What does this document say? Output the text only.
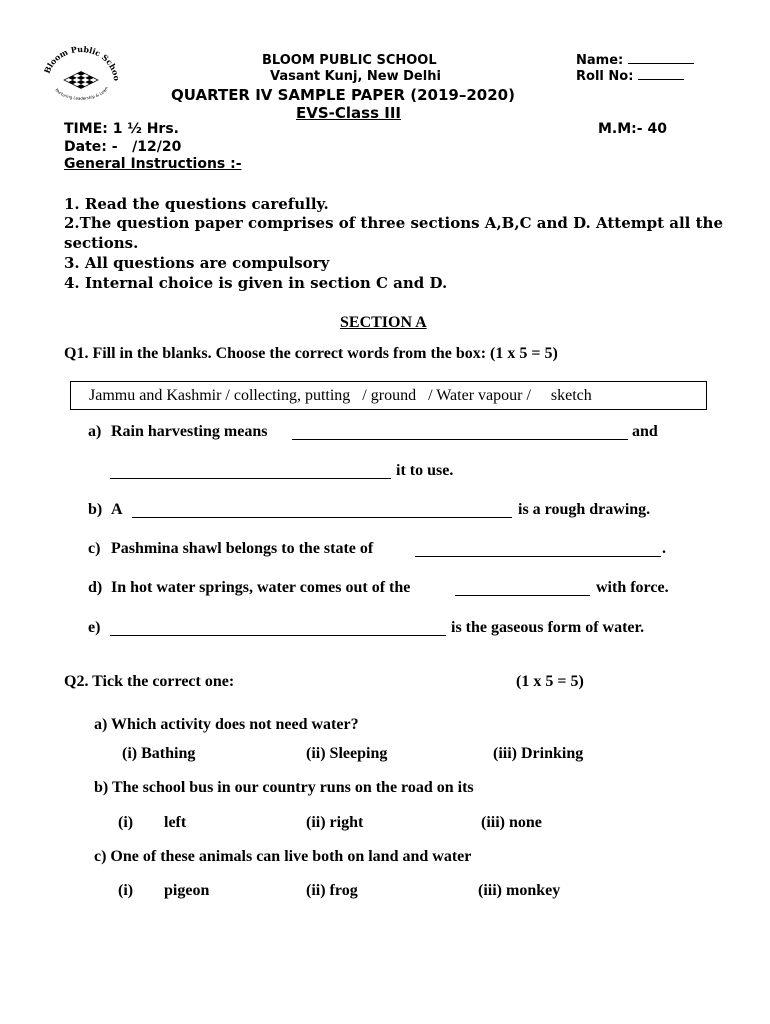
Bloom Public Schoo
Nurturing Leadership & Learn
BLOOM PUBLIC SCHOOL
Vasant Kunj, New Delhi
QUARTER IV SAMPLE PAPER (2019–2020)
EVS-Class III
Name:
Roll No:
TIME: 1 ½ Hrs.	M.M:- 40
Date: -   /12/20
General Instructions :-
1. Read the questions carefully.
2.The question paper comprises of three sections A,B,C and D. Attempt all the
sections.
3. All questions are compulsory
4. Internal choice is given in section C and D.
SECTION A
Q1. Fill in the blanks. Choose the correct words from the box: (1 x 5 = 5)
Jammu and Kashmir / collecting, putting   / ground   / Water vapour /     sketch
a) Rain harvesting means	and
it to use.
b) A	is a rough drawing.
c) Pashmina shawl belongs to the state of	.
d) In hot water springs, water comes out of the	with force.
e)	is the gaseous form of water.
Q2. Tick the correct one:	(1 x 5 = 5)
a) Which activity does not need water?
(i) Bathing	(ii) Sleeping	(iii) Drinking
b) The school bus in our country runs on the road on its
(i) left	(ii) right	(iii) none
c) One of these animals can live both on land and water
(i) pigeon	(ii) frog	(iii) monkey
